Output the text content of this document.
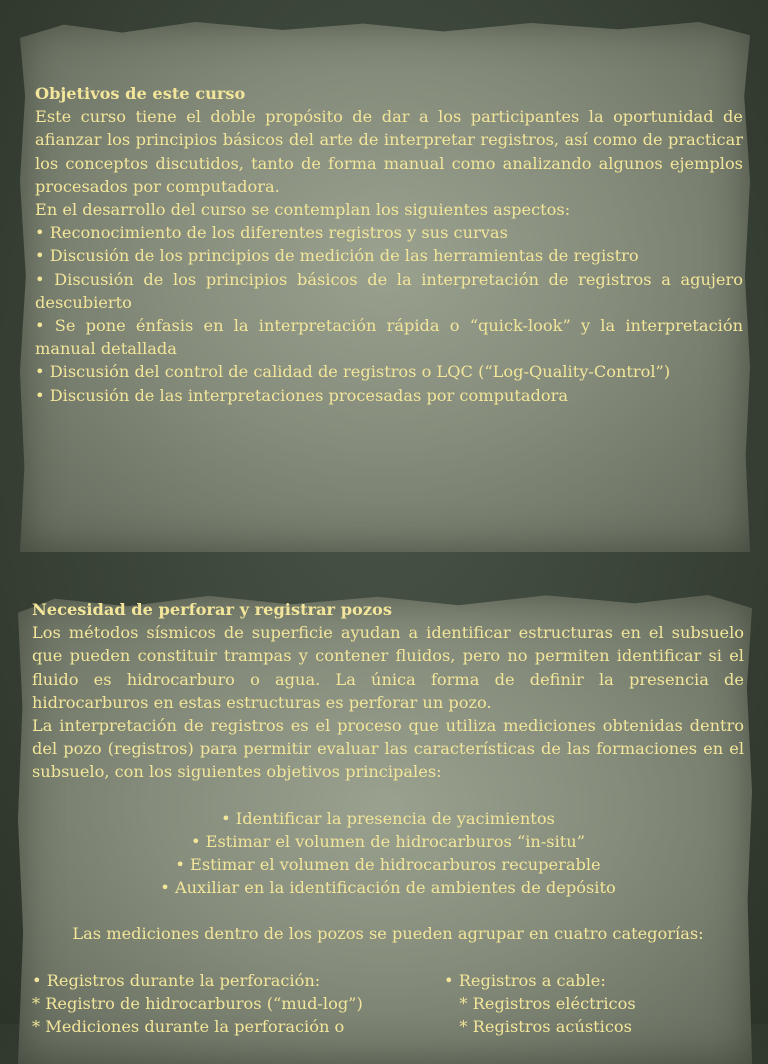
Objetivos de este curso
Este curso tiene el doble propósito de dar a los participantes la oportunidad de afianzar los principios básicos del arte de interpretar registros, así como de practicar los conceptos discutidos, tanto de forma manual como analizando algunos ejemplos procesados por computadora.
En el desarrollo del curso se contemplan los siguientes aspectos:
• Reconocimiento de los diferentes registros y sus curvas
• Discusión de los principios de medición de las herramientas de registro
• Discusión de los principios básicos de la interpretación de registros a agujero descubierto
• Se pone énfasis en la interpretación rápida o “quick-look” y la interpretación manual detallada
• Discusión del control de calidad de registros o LQC (“Log-Quality-Control”)
• Discusión de las interpretaciones procesadas por computadora
Necesidad de perforar y registrar pozos
Los métodos sísmicos de superficie ayudan a identificar estructuras en el subsuelo que pueden constituir trampas y contener fluidos, pero no permiten identificar si el fluido es hidrocarburo o agua. La única forma de definir la presencia de hidrocarburos en estas estructuras es perforar un pozo.
La interpretación de registros es el proceso que utiliza mediciones obtenidas dentro del pozo (registros) para permitir evaluar las características de las formaciones en el subsuelo, con los siguientes objetivos principales:
• Identificar la presencia de yacimientos
• Estimar el volumen de hidrocarburos “in-situ”
• Estimar el volumen de hidrocarburos recuperable
• Auxiliar en la identificación de ambientes de depósito
Las mediciones dentro de los pozos se pueden agrupar en cuatro categorías:
• Registros durante la perforación:
* Registro de hidrocarburos (“mud-log”)
* Mediciones durante la perforación o
• Registros a cable:
* Registros eléctricos
* Registros acústicos
